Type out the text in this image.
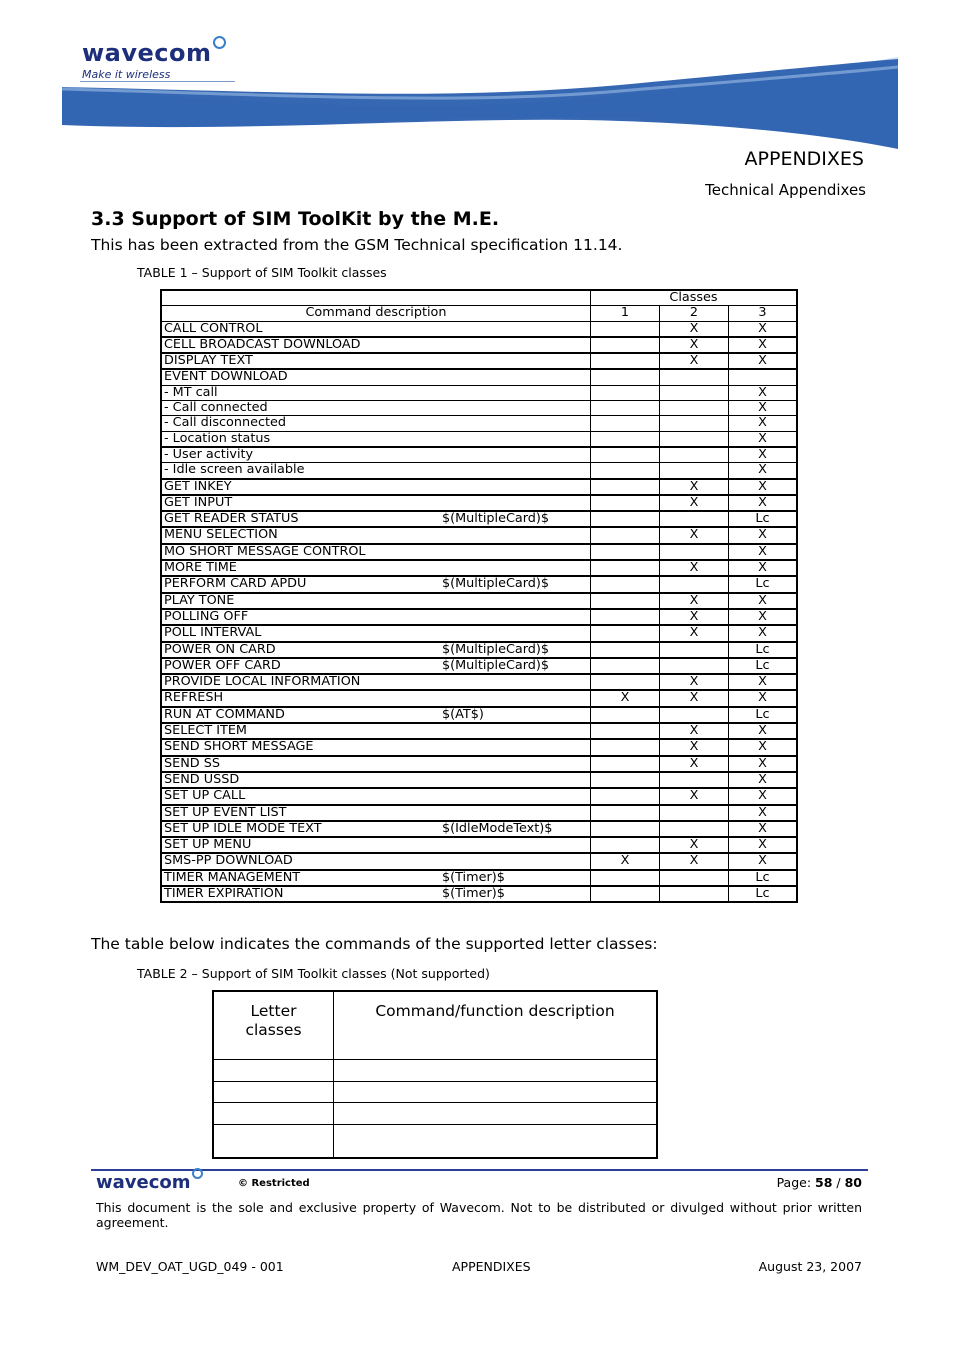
wavecom
Make it wireless
APPENDIXES
Technical Appendixes
3.3 Support of SIM ToolKit by the M.E.
This has been extracted from the GSM Technical specification 11.14.
TABLE 1 – Support of SIM Toolkit classes
	Classes		
Command description	1	2	3

CALL CONTROL		X	X

CELL BROADCAST DOWNLOAD		X	X

DISPLAY TEXT		X	X

EVENT DOWNLOAD			

- MT call			X

- Call connected			X

- Call disconnected			X

- Location status			X

- User activity			X

- Idle screen available			X

GET INKEY		X	X

GET INPUT		X	X

GET READER STATUS $(MultipleCard)$			Lc

MENU SELECTION		X	X

MO SHORT MESSAGE CONTROL			X

MORE TIME		X	X

PERFORM CARD APDU $(MultipleCard)$			Lc

PLAY TONE		X	X

POLLING OFF		X	X

POLL INTERVAL		X	X

POWER ON CARD $(MultipleCard)$			Lc

POWER OFF CARD $(MultipleCard)$			Lc

PROVIDE LOCAL INFORMATION		X	X

REFRESH	X	X	X

RUN AT COMMAND $(AT$)			Lc

SELECT ITEM		X	X

SEND SHORT MESSAGE		X	X

SEND SS		X	X

SEND USSD			X

SET UP CALL		X	X

SET UP EVENT LIST			X

SET UP IDLE MODE TEXT $(IdleModeText)$			X

SET UP MENU		X	X

SMS-PP DOWNLOAD	X	X	X

TIMER MANAGEMENT $(Timer)$			Lc

TIMER EXPIRATION $(Timer)$			Lc
The table below indicates the commands of the supported letter classes:
TABLE 2 – Support of SIM Toolkit classes (Not supported)
Letter
classes	Command/function description

wavecom	© Restricted	Page: 58 / 80
This document is the sole and exclusive property of Wavecom. Not to be distributed or divulged without prior written agreement.
WM_DEV_OAT_UGD_049 - 001	APPENDIXES	August 23, 2007
